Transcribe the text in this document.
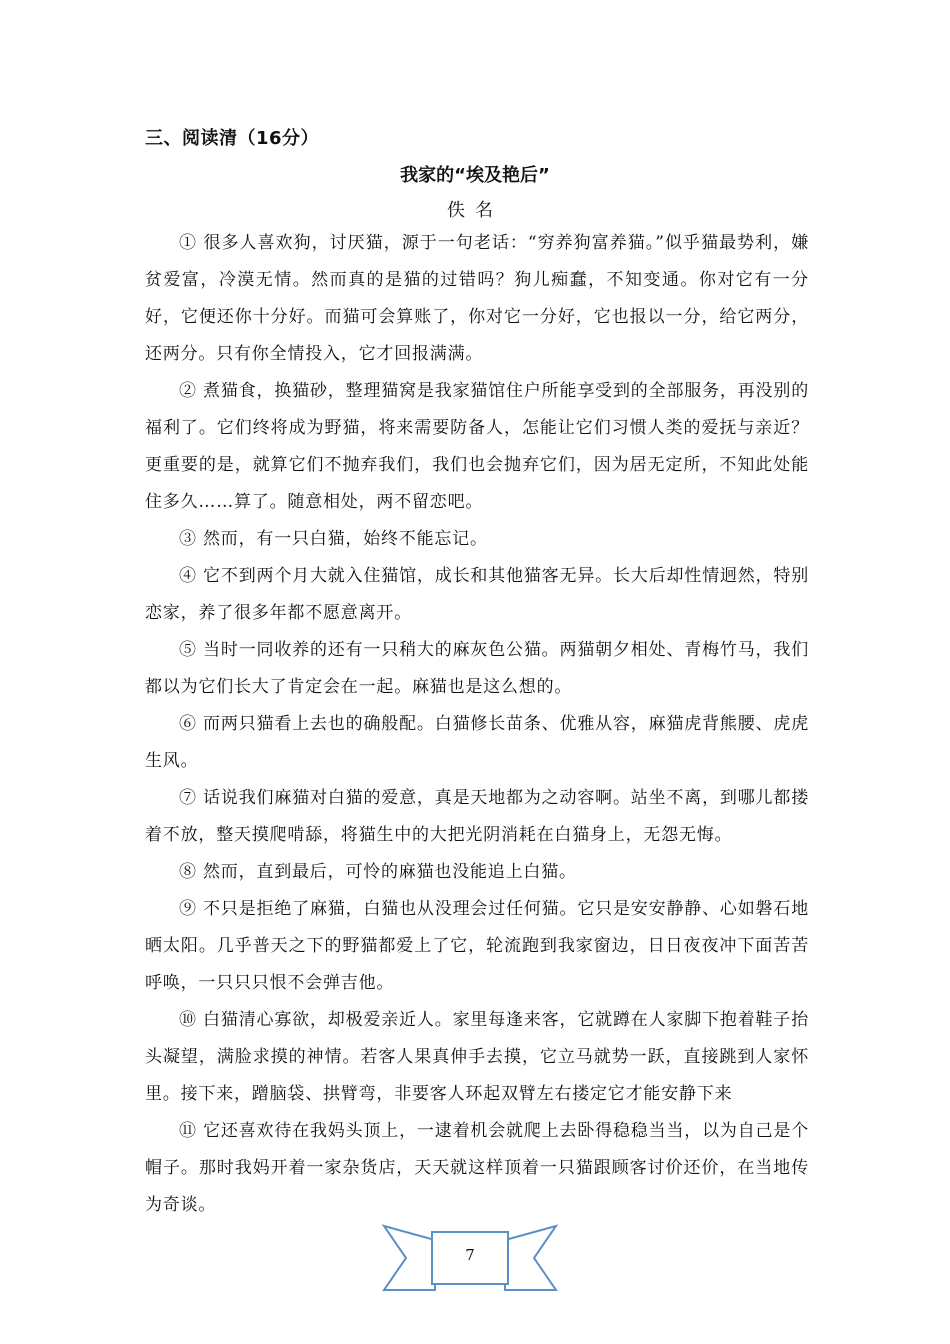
三、阅读清（16分）
我家的“埃及艳后”
佚名

① 很多人喜欢狗，讨厌猫，源于一句老话：“穷养狗富养猫。”似乎猫最势利，嫌贫爱富，冷漠无情。然而真的是猫的过错吗？狗儿痴蠢，不知变通。你对它有一分好，它便还你十分好。而猫可会算账了，你对它一分好，它也报以一分，给它两分，还两分。只有你全情投入，它才回报满满。

② 煮猫食，换猫砂，整理猫窝是我家猫馆住户所能享受到的全部服务，再没别的福利了。它们终将成为野猫，将来需要防备人，怎能让它们习惯人类的爱抚与亲近？更重要的是，就算它们不抛弃我们，我们也会抛弃它们，因为居无定所，不知此处能住多久……算了。随意相处，两不留恋吧。

③ 然而，有一只白猫，始终不能忘记。

④ 它不到两个月大就入住猫馆，成长和其他猫客无异。长大后却性情迥然，特别恋家，养了很多年都不愿意离开。

⑤ 当时一同收养的还有一只稍大的麻灰色公猫。两猫朝夕相处、青梅竹马，我们都以为它们长大了肯定会在一起。麻猫也是这么想的。

⑥ 而两只猫看上去也的确般配。白猫修长苗条、优雅从容，麻猫虎背熊腰、虎虎生风。

⑦ 话说我们麻猫对白猫的爱意，真是天地都为之动容啊。站坐不离，到哪儿都搂着不放，整天摸爬啃舔，将猫生中的大把光阴消耗在白猫身上，无怨无悔。

⑧ 然而，直到最后，可怜的麻猫也没能追上白猫。

⑨ 不只是拒绝了麻猫，白猫也从没理会过任何猫。它只是安安静静、心如磐石地晒太阳。几乎普天之下的野猫都爱上了它，轮流跑到我家窗边，日日夜夜冲下面苦苦呼唤，一只只只恨不会弹吉他。

⑩ 白猫清心寡欲，却极爱亲近人。家里每逢来客，它就蹲在人家脚下抱着鞋子抬头凝望，满脸求摸的神情。若客人果真伸手去摸，它立马就势一跃，直接跳到人家怀里。接下来，蹭脑袋、拱臂弯，非要客人环起双臂左右搂定它才能安静下来

⑪ 它还喜欢待在我妈头顶上，一逮着机会就爬上去卧得稳稳当当，以为自己是个帽子。那时我妈开着一家杂货店，天天就这样顶着一只猫跟顾客讨价还价，在当地传为奇谈。

7
